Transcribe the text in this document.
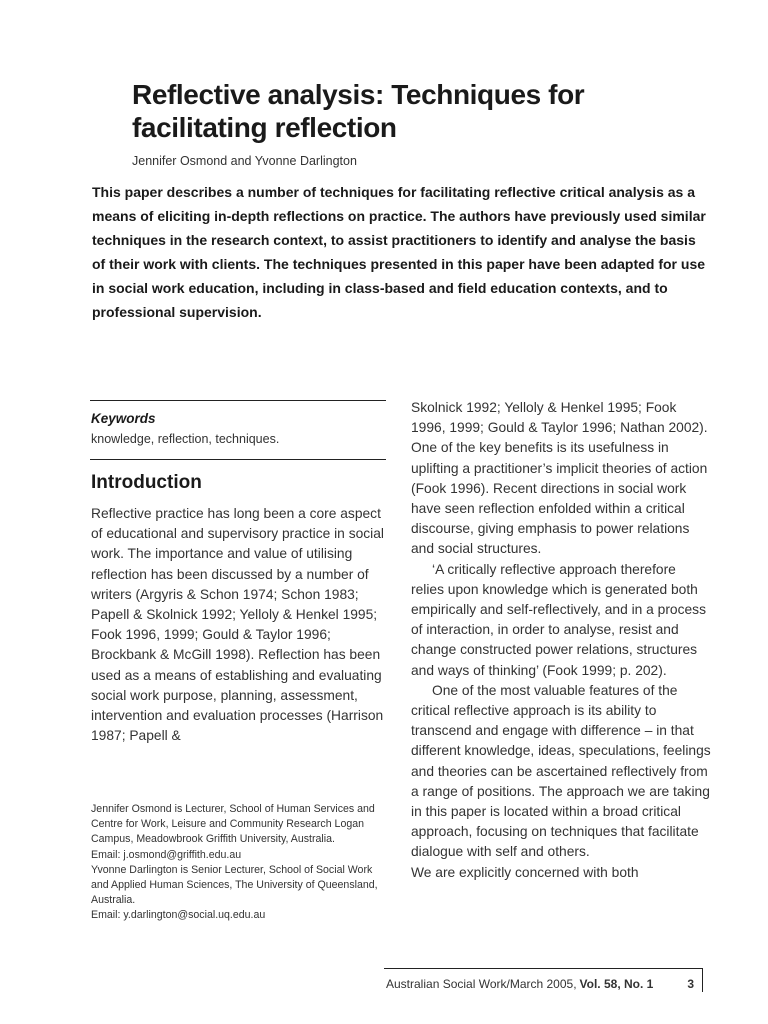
Reflective analysis: Techniques for facilitating reflection
Jennifer Osmond and Yvonne Darlington

This paper describes a number of techniques for facilitating reflective critical analysis as a means of eliciting in-depth reflections on practice. The authors have previously used similar techniques in the research context, to assist practitioners to identify and analyse the basis of their work with clients. The techniques presented in this paper have been adapted for use in social work education, including in class-based and field education contexts, and to professional supervision.

Keywords
knowledge, reflection, techniques.
Introduction

Reflective practice has long been a core aspect of educational and supervisory practice in social work. The importance and value of utilising reflection has been discussed by a number of writers (Argyris & Schon 1974; Schon 1983; Papell & Skolnick 1992; Yelloly & Henkel 1995; Fook 1996, 1999; Gould & Taylor 1996; Brockbank & McGill 1998). Reflection has been used as a means of establishing and evaluating social work purpose, planning, assessment, intervention and evaluation processes (Harrison 1987; Papell &

Jennifer Osmond is Lecturer, School of Human Services and Centre for Work, Leisure and Community Research Logan Campus, Meadowbrook Griffith University, Australia.
Email: j.osmond@griffith.edu.au
Yvonne Darlington is Senior Lecturer, School of Social Work and Applied Human Sciences, The University of Queensland, Australia.
Email: y.darlington@social.uq.edu.au

Skolnick 1992; Yelloly & Henkel 1995; Fook 1996, 1999; Gould & Taylor 1996; Nathan 2002). One of the key benefits is its usefulness in uplifting a practitioner’s implicit theories of action (Fook 1996). Recent directions in social work have seen reflection enfolded within a critical discourse, giving emphasis to power relations and social structures.

‘A critically reflective approach therefore relies upon knowledge which is generated both empirically and self-reflectively, and in a process of interaction, in order to analyse, resist and change constructed power relations, structures and ways of thinking’ (Fook 1999; p. 202).

One of the most valuable features of the critical reflective approach is its ability to transcend and engage with difference – in that different knowledge, ideas, speculations, feelings and theories can be ascertained reflectively from a range of positions. The approach we are taking in this paper is located within a broad critical approach, focusing on techniques that facilitate dialogue with self and others.

We are explicitly concerned with both

Australian Social Work/March 2005, Vol. 58, No. 1	3
